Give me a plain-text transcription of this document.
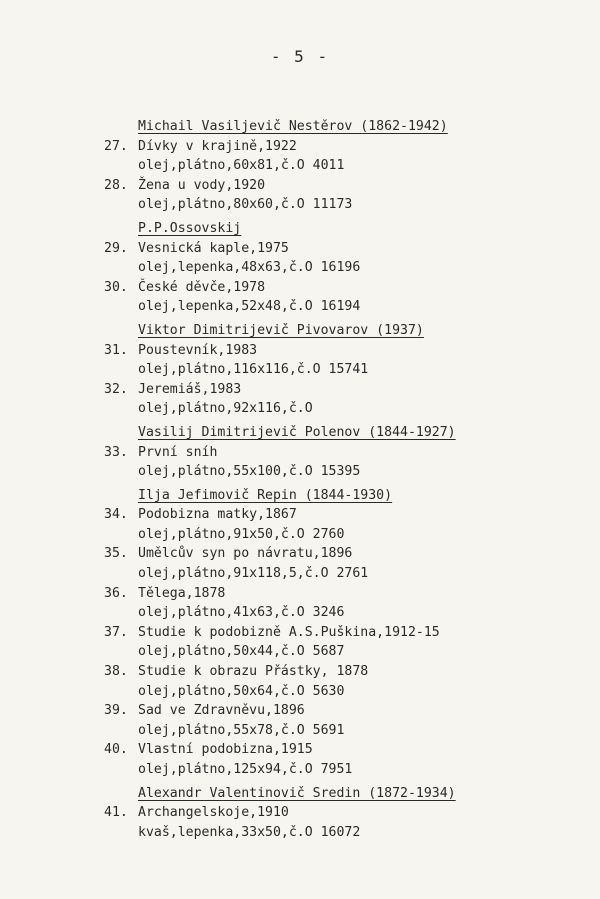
- 5 -
Michail Vasiljevič Nestěrov (1862-1942)
27. Dívky v krajině,1922
olej,plátno,60x81,č.O 4011
28. Žena u vody,1920
olej,plátno,80x60,č.O 11173
P.P.Ossovskij
29. Vesnická kaple,1975
olej,lepenka,48x63,č.O 16196
30. České děvče,1978
olej,lepenka,52x48,č.O 16194
Viktor Dimitrijevič Pivovarov (1937)
31. Poustevník,1983
olej,plátno,116x116,č.O 15741
32. Jeremiáš,1983
olej,plátno,92x116,č.O
Vasilij Dimitrijevič Polenov (1844-1927)
33. První sníh
olej,plátno,55x100,č.O 15395
Ilja Jefimovič Repin (1844-1930)
34. Podobizna matky,1867
olej,plátno,91x50,č.O 2760
35. Umělcův syn po návratu,1896
olej,plátno,91x118,5,č.O 2761
36. Tělega,1878
olej,plátno,41x63,č.O 3246
37. Studie k podobizně A.S.Puškina,1912-15
olej,plátno,50x44,č.O 5687
38. Studie k obrazu Přástky, 1878
olej,plátno,50x64,č.O 5630
39. Sad ve Zdravněvu,1896
olej,plátno,55x78,č.O 5691
40. Vlastní podobizna,1915
olej,plátno,125x94,č.O 7951
Alexandr Valentinovič Sredin (1872-1934)
41. Archangelskoje,1910
kvaš,lepenka,33x50,č.O 16072
